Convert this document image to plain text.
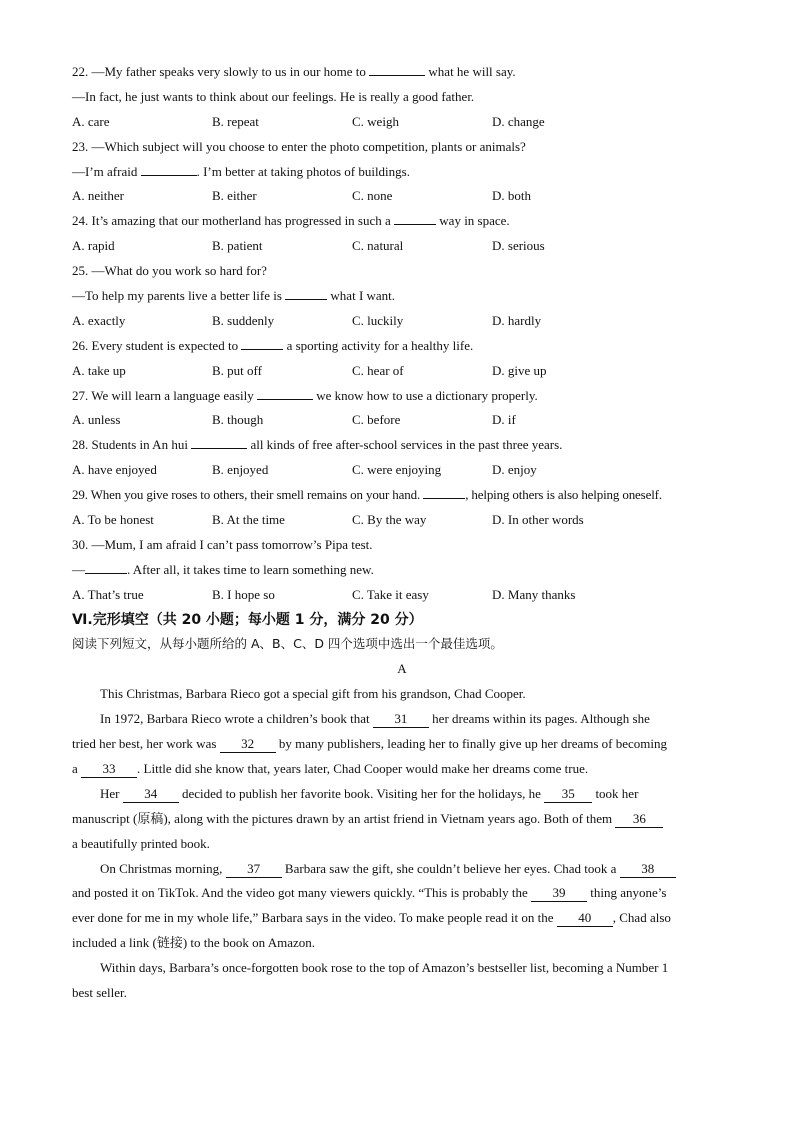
22. —My father speaks very slowly to us in our home to	what he will say.
—In fact, he just wants to think about our feelings. He is really a good father.
A. care	B. repeat	C. weigh	D. change
23. —Which subject will you choose to enter the photo competition, plants or animals?
—I’m afraid	. I’m better at taking photos of buildings.
A. neither	B. either	C. none	D. both
24. It’s amazing that our motherland has progressed in such a	way in space.
A. rapid	B. patient	C. natural	D. serious
25. —What do you work so hard for?
—To help my parents live a better life is	what I want.
A. exactly	B. suddenly	C. luckily	D. hardly
26. Every student is expected to	a sporting activity for a healthy life.
A. take up	B. put off	C. hear of	D. give up
27. We will learn a language easily	we know how to use a dictionary properly.
A. unless	B. though	C. before	D. if
28. Students in An hui	all kinds of free after-school services in the past three years.
A. have enjoyed	B. enjoyed	C. were enjoying	D. enjoy
29. When you give roses to others, their smell remains on your hand.	, helping others is also helping oneself.
A. To be honest	B. At the time	C. By the way	D. In other words
30. —Mum, I am afraid I can’t pass tomorrow’s Pipa test.
—	. After all, it takes time to learn something new.
A. That’s true	B. I hope so	C. Take it easy	D. Many thanks
Ⅵ.完形填空（共 20 小题；每小题 1 分，满分 20 分）
阅读下列短文，从每小题所给的 A、B、C、D 四个选项中选出一个最佳选项。
A
This Christmas, Barbara Rieco got a special gift from his grandson, Chad Cooper.
In 1972, Barbara Rieco wrote a children’s book that 31 her dreams within its pages. Although she
tried her best, her work was 32 by many publishers, leading her to finally give up her dreams of becoming
a 33 . Little did she know that, years later, Chad Cooper would make her dreams come true.
Her 34 decided to publish her favorite book. Visiting her for the holidays, he 35 took her
manuscript (原稿), along with the pictures drawn by an artist friend in Vietnam years ago. Both of them 36
a beautifully printed book.
On Christmas morning, 37 Barbara saw the gift, she couldn’t believe her eyes. Chad took a 38
and posted it on TikTok. And the video got many viewers quickly. “This is probably the 39 thing anyone’s
ever done for me in my whole life,” Barbara says in the video. To make people read it on the 40 , Chad also
included a link (链接) to the book on Amazon.
Within days, Barbara’s once-forgotten book rose to the top of Amazon’s bestseller list, becoming a Number 1
best seller.
